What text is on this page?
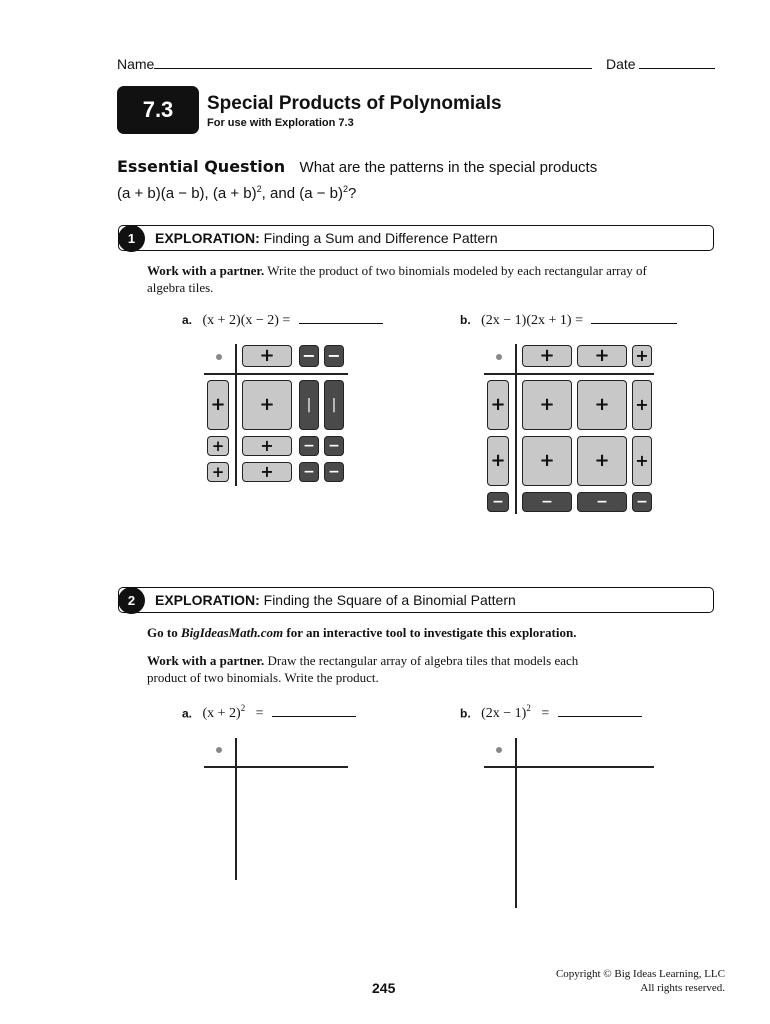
Name	Date
7.3	Special Products of Polynomials
For use with Exploration 7.3
Essential Question What are the patterns in the special products
(a + b)(a − b), $(a + b)^2$, and $(a - b)^2$?
1	EXPLORATION: Finding a Sum and Difference Pattern
Work with a partner. Write the product of two binomials modeled by each rectangular array of algebra tiles.
a. (x + 2)(x − 2) =	b. (2x − 1)(2x + 1) =
+	− −
+
+
+
+	|	|
+	− −
+	− −
+	+	+
+
+
−
+	+	+
+	+	+
−	−	−
2	EXPLORATION: Finding the Square of a Binomial Pattern
Go to BigIdeasMath.com for an interactive tool to investigate this exploration.
Work with a partner. Draw the rectangular array of algebra tiles that models each product of two binomials. Write the product.
a. $(x + 2)^2$ =	b. $(2x - 1)^2$ =
245
Copyright © Big Ideas Learning, LLC
All rights reserved.
